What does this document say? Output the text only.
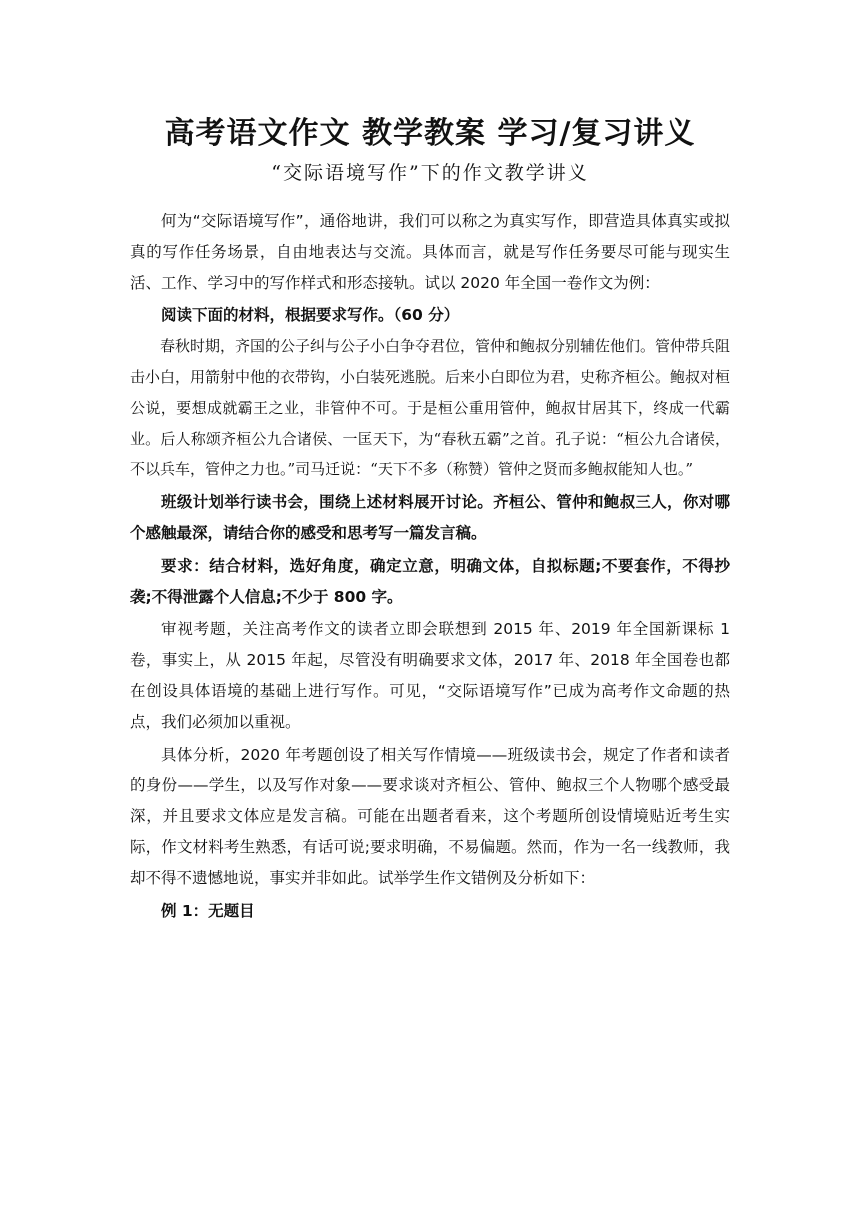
高考语文作文 教学教案 学习/复习讲义
“交际语境写作”下的作文教学讲义

何为“交际语境写作”，通俗地讲，我们可以称之为真实写作，即营造具体真实或拟真的写作任务场景，自由地表达与交流。具体而言，就是写作任务要尽可能与现实生活、工作、学习中的写作样式和形态接轨。试以 2020 年全国一卷作文为例：

阅读下面的材料，根据要求写作。（60 分）

春秋时期，齐国的公子纠与公子小白争夺君位，管仲和鲍叔分别辅佐他们。管仲带兵阻击小白，用箭射中他的衣带钩，小白装死逃脱。后来小白即位为君，史称齐桓公。鲍叔对桓公说，要想成就霸王之业，非管仲不可。于是桓公重用管仲，鲍叔甘居其下，终成一代霸业。后人称颂齐桓公九合诸侯、一匡天下，为“春秋五霸”之首。孔子说：“桓公九合诸侯，不以兵车，管仲之力也。”司马迁说：“天下不多（称赞）管仲之贤而多鲍叔能知人也。”

班级计划举行读书会，围绕上述材料展开讨论。齐桓公、管仲和鲍叔三人，你对哪个感触最深，请结合你的感受和思考写一篇发言稿。

要求：结合材料，选好角度，确定立意，明确文体，自拟标题;不要套作，不得抄袭;不得泄露个人信息;不少于 800 字。

审视考题，关注高考作文的读者立即会联想到 2015 年、2019 年全国新课标 1 卷，事实上，从 2015 年起，尽管没有明确要求文体，2017 年、2018 年全国卷也都在创设具体语境的基础上进行写作。可见，“交际语境写作”已成为高考作文命题的热点，我们必须加以重视。

具体分析，2020 年考题创设了相关写作情境——班级读书会，规定了作者和读者的身份——学生，以及写作对象——要求谈对齐桓公、管仲、鲍叔三个人物哪个感受最深，并且要求文体应是发言稿。可能在出题者看来，这个考题所创设情境贴近考生实际，作文材料考生熟悉，有话可说;要求明确，不易偏题。然而，作为一名一线教师，我却不得不遗憾地说，事实并非如此。试举学生作文错例及分析如下：

例 1：无题目
